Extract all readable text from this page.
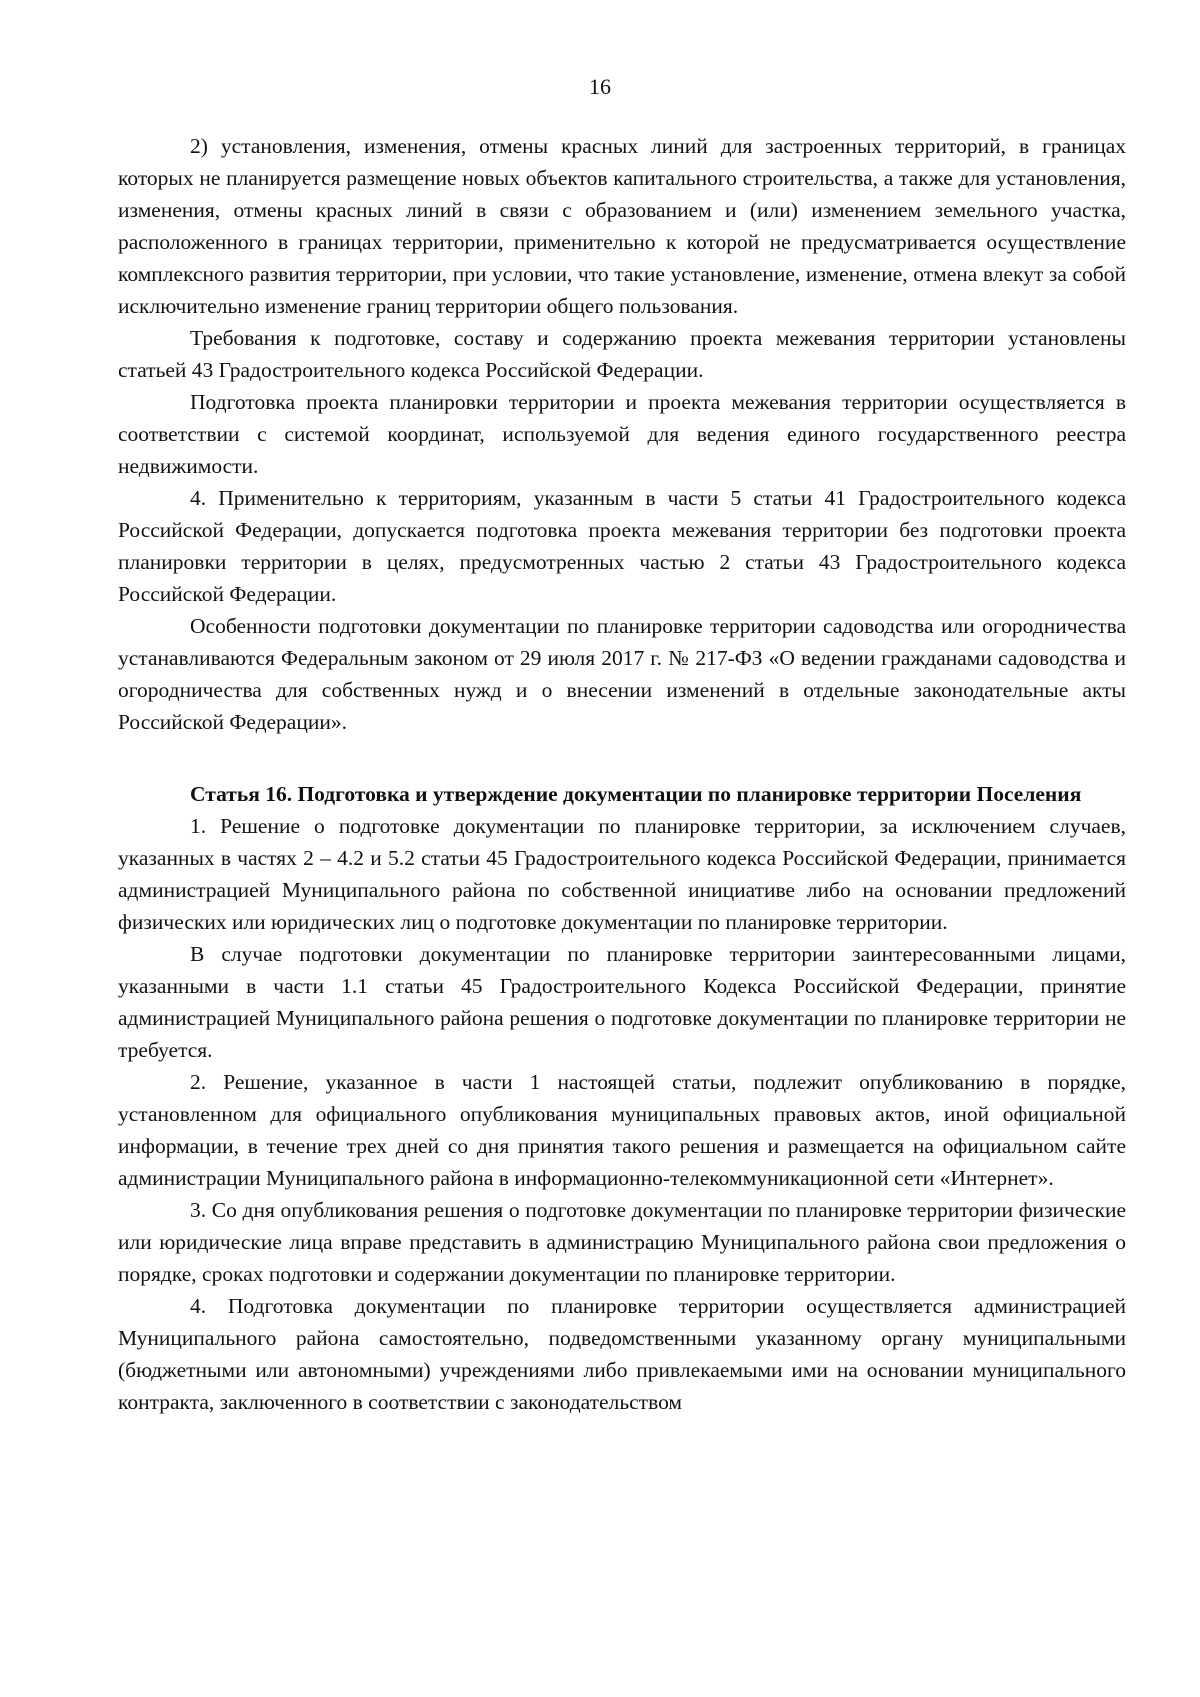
16

2) установления, изменения, отмены красных линий для застроенных территорий, в границах которых не планируется размещение новых объектов капитального строительства, а также для установления, изменения, отмены красных линий в связи с образованием и (или) изменением земельного участка, расположенного в границах территории, применительно к которой не предусматривается осуществление комплексного развития территории, при условии, что такие установление, изменение, отмена влекут за собой исключительно изменение границ территории общего пользования.

Требования к подготовке, составу и содержанию проекта межевания территории установлены статьей 43 Градостроительного кодекса Российской Федерации.

Подготовка проекта планировки территории и проекта межевания территории осуществляется в соответствии с системой координат, используемой для ведения единого государственного реестра недвижимости.

4. Применительно к территориям, указанным в части 5 статьи 41 Градостроительного кодекса Российской Федерации, допускается подготовка проекта межевания территории без подготовки проекта планировки территории в целях, предусмотренных частью 2 статьи 43 Градостроительного кодекса Российской Федерации.

Особенности подготовки документации по планировке территории садоводства или огородничества устанавливаются Федеральным законом от 29 июля 2017 г. № 217-ФЗ «О ведении гражданами садоводства и огородничества для собственных нужд и о внесении изменений в отдельные законодательные акты Российской Федерации».

Статья 16. Подготовка и утверждение документации по планировке территории Поселения

1. Решение о подготовке документации по планировке территории, за исключением случаев, указанных в частях 2 – 4.2 и 5.2 статьи 45 Градостроительного кодекса Российской Федерации, принимается администрацией Муниципального района по собственной инициативе либо на основании предложений физических или юридических лиц о подготовке документации по планировке территории.

В случае подготовки документации по планировке территории заинтересованными лицами, указанными в части 1.1 статьи 45 Градостроительного Кодекса Российской Федерации, принятие администрацией Муниципального района решения о подготовке документации по планировке территории не требуется.

2. Решение, указанное в части 1 настоящей статьи, подлежит опубликованию в порядке, установленном для официального опубликования муниципальных правовых актов, иной официальной информации, в течение трех дней со дня принятия такого решения и размещается на официальном сайте администрации Муниципального района в информационно-телекоммуникационной сети «Интернет».

3. Со дня опубликования решения о подготовке документации по планировке территории физические или юридические лица вправе представить в администрацию Муниципального района свои предложения о порядке, сроках подготовки и содержании документации по планировке территории.

4. Подготовка документации по планировке территории осуществляется администрацией Муниципального района самостоятельно, подведомственными указанному органу муниципальными (бюджетными или автономными) учреждениями либо привлекаемыми ими на основании муниципального контракта, заключенного в соответствии с законодательством
